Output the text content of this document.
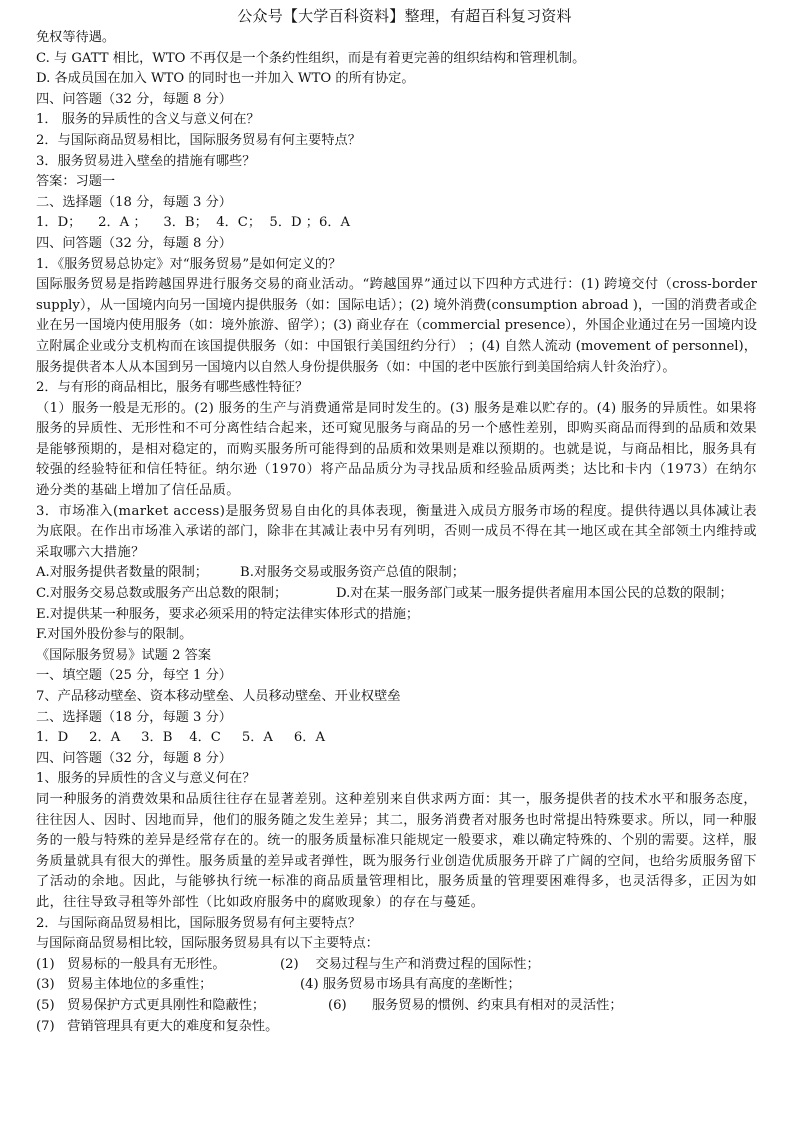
公众号【大学百科资料】整理，有超百科复习资料
免权等待遇。
C. 与 GATT 相比，WTO 不再仅是一个条约性组织，而是有着更完善的组织结构和管理机制。
D. 各成员国在加入 WTO 的同时也一并加入 WTO 的所有协定。
四、问答题（32 分，每题 8 分）
1． 服务的异质性的含义与意义何在？
2．与国际商品贸易相比，国际服务贸易有何主要特点？
3．服务贸易进入壁垒的措施有哪些？
答案：习题一
二、选择题（18 分，每题 3 分）
1．D；    2．A ；    3．B；  4．C；  5．D ；6．A
四、问答题（32 分，每题 8 分）
1．《服务贸易总协定》对“服务贸易”是如何定义的？
国际服务贸易是指跨越国界进行服务交易的商业活动。“跨越国界”通过以下四种方式进行：(1) 跨境交付（cross-border supply），从一国境内向另一国境内提供服务（如：国际电话）；(2) 境外消费(consumption abroad )，一国的消费者或企业在另一国境内使用服务（如：境外旅游、留学）；(3) 商业存在（commercial presence），外国企业通过在另一国境内设立附属企业或分支机构而在该国提供服务（如：中国银行美国纽约分行） ；(4) 自然人流动 (movement of personnel)，服务提供者本人从本国到另一国境内以自然人身份提供服务（如：中国的老中医旅行到美国给病人针灸治疗）。
2．与有形的商品相比，服务有哪些感性特征？
（1）服务一般是无形的。(2) 服务的生产与消费通常是同时发生的。(3) 服务是难以贮存的。(4) 服务的异质性。如果将服务的异质性、无形性和不可分离性结合起来，还可窥见服务与商品的另一个感性差别，即购买商品而得到的品质和效果是能够预期的，是相对稳定的，而购买服务所可能得到的品质和效果则是难以预期的。也就是说，与商品相比，服务具有较强的经验特征和信任特征。纳尔逊（1970）将产品品质分为寻找品质和经验品质两类；达比和卡内（1973）在纳尔逊分类的基础上增加了信任品质。
3．市场准入(market access)是服务贸易自由化的具体表现，衡量进入成员方服务市场的程度。提供待遇以具体减让表为底限。在作出市场准入承诺的部门，除非在其减让表中另有列明，否则一成员不得在其一地区或在其全部领土内维持或采取哪六大措施？
A.对服务提供者数量的限制； B.对服务交易或服务资产总值的限制；
C.对服务交易总数或服务产出总数的限制；	D.对在某一服务部门或某一服务提供者雇用本国公民的总数的限制；
E.对提供某一种服务，要求必须采用的特定法律实体形式的措施；
F.对国外股份参与的限制。
《国际服务贸易》试题 2 答案
一、填空题（25 分，每空 1 分）
7、产品移动壁垒、资本移动壁垒、人员移动壁垒、开业权壁垒
二、选择题（18 分，每题 3 分）
1．D     2．A     3．B    4．C     5．A     6．A
四、问答题（32 分，每题 8 分）
1、服务的异质性的含义与意义何在？
同一种服务的消费效果和品质往往存在显著差别。这种差别来自供求两方面：其一，服务提供者的技术水平和服务态度，往往因人、因时、因地而异，他们的服务随之发生差异；其二，服务消费者对服务也时常提出特殊要求。所以，同一种服务的一般与特殊的差异是经常存在的。统一的服务质量标准只能规定一般要求，难以确定特殊的、个别的需要。这样，服务质量就具有很大的弹性。服务质量的差异或者弹性，既为服务行业创造优质服务开辟了广阔的空间，也给劣质服务留下了活动的余地。因此，与能够执行统一标准的商品质量管理相比，服务质量的管理要困难得多，也灵活得多，正因为如此，往往导致寻租等外部性（比如政府服务中的腐败现象）的存在与蔓延。
2．与国际商品贸易相比，国际服务贸易有何主要特点？
与国际商品贸易相比较，国际服务贸易具有以下主要特点：
(1)   贸易标的一般具有无形性。	(2)    交易过程与生产和消费过程的国际性；
(3)   贸易主体地位的多重性；	(4) 服务贸易市场具有高度的垄断性；
(5)   贸易保护方式更具刚性和隐蔽性；	(6) 服务贸易的惯例、约束具有相对的灵活性；
(7)   营销管理具有更大的难度和复杂性。
